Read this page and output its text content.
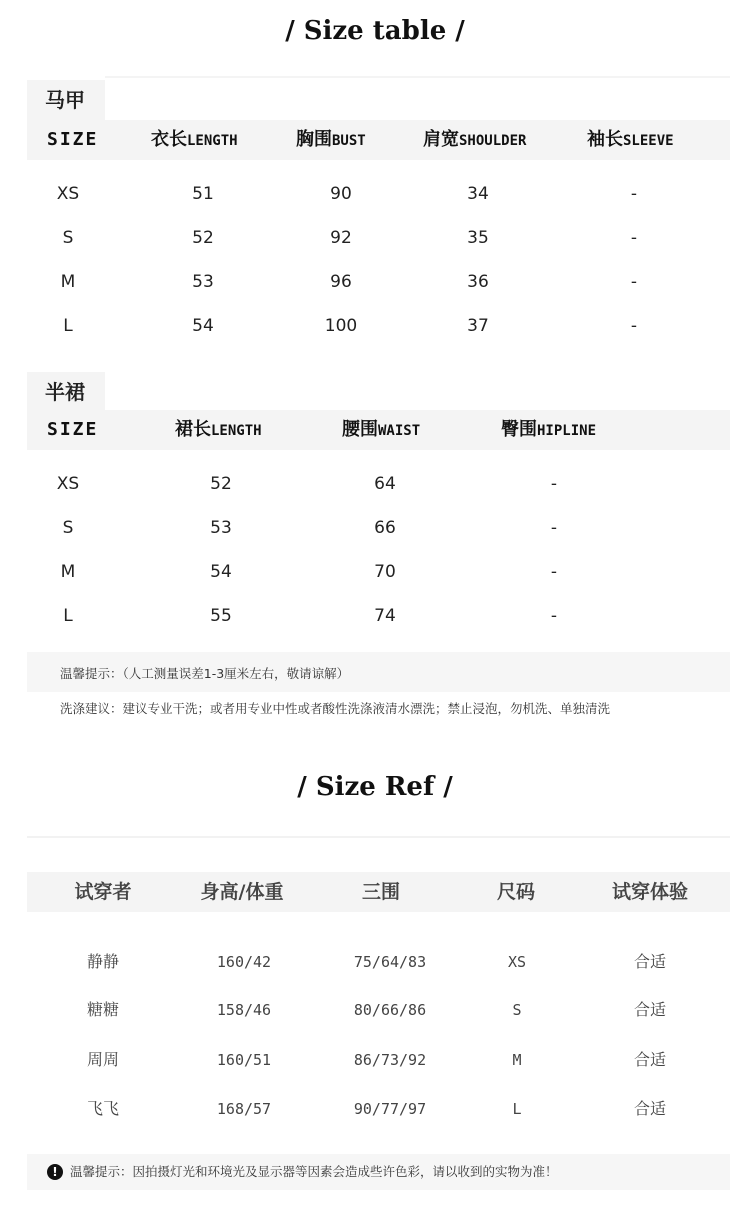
/ Size table /
马甲
SIZE	衣长LENGTH	胸围BUST	肩宽SHOULDER	袖长SLEEVE
XS	51	90	34	-
S	52	92	35	-
M	53	96	36	-
L	54	100	37	-
半裙
SIZE	裙长LENGTH	腰围WAIST	臀围HIPLINE
XS	52	64	-
S	53	66	-
M	54	70	-
L	55	74	-
温馨提示：（人工测量误差1-3厘米左右，敬请谅解）
洗涤建议：建议专业干洗；或者用专业中性或者酸性洗涤液清水漂洗；禁止浸泡，勿机洗、单独清洗
/ Size Ref /
试穿者	身高/体重	三围	尺码	试穿体验
静静	160/42	75/64/83	XS	合适
糖糖	158/46	80/66/86	S	合适
周周	160/51	86/73/92	M	合适
飞飞	168/57	90/77/97	L	合适
! 温馨提示：因拍摄灯光和环境光及显示器等因素会造成些许色彩，请以收到的实物为准！
